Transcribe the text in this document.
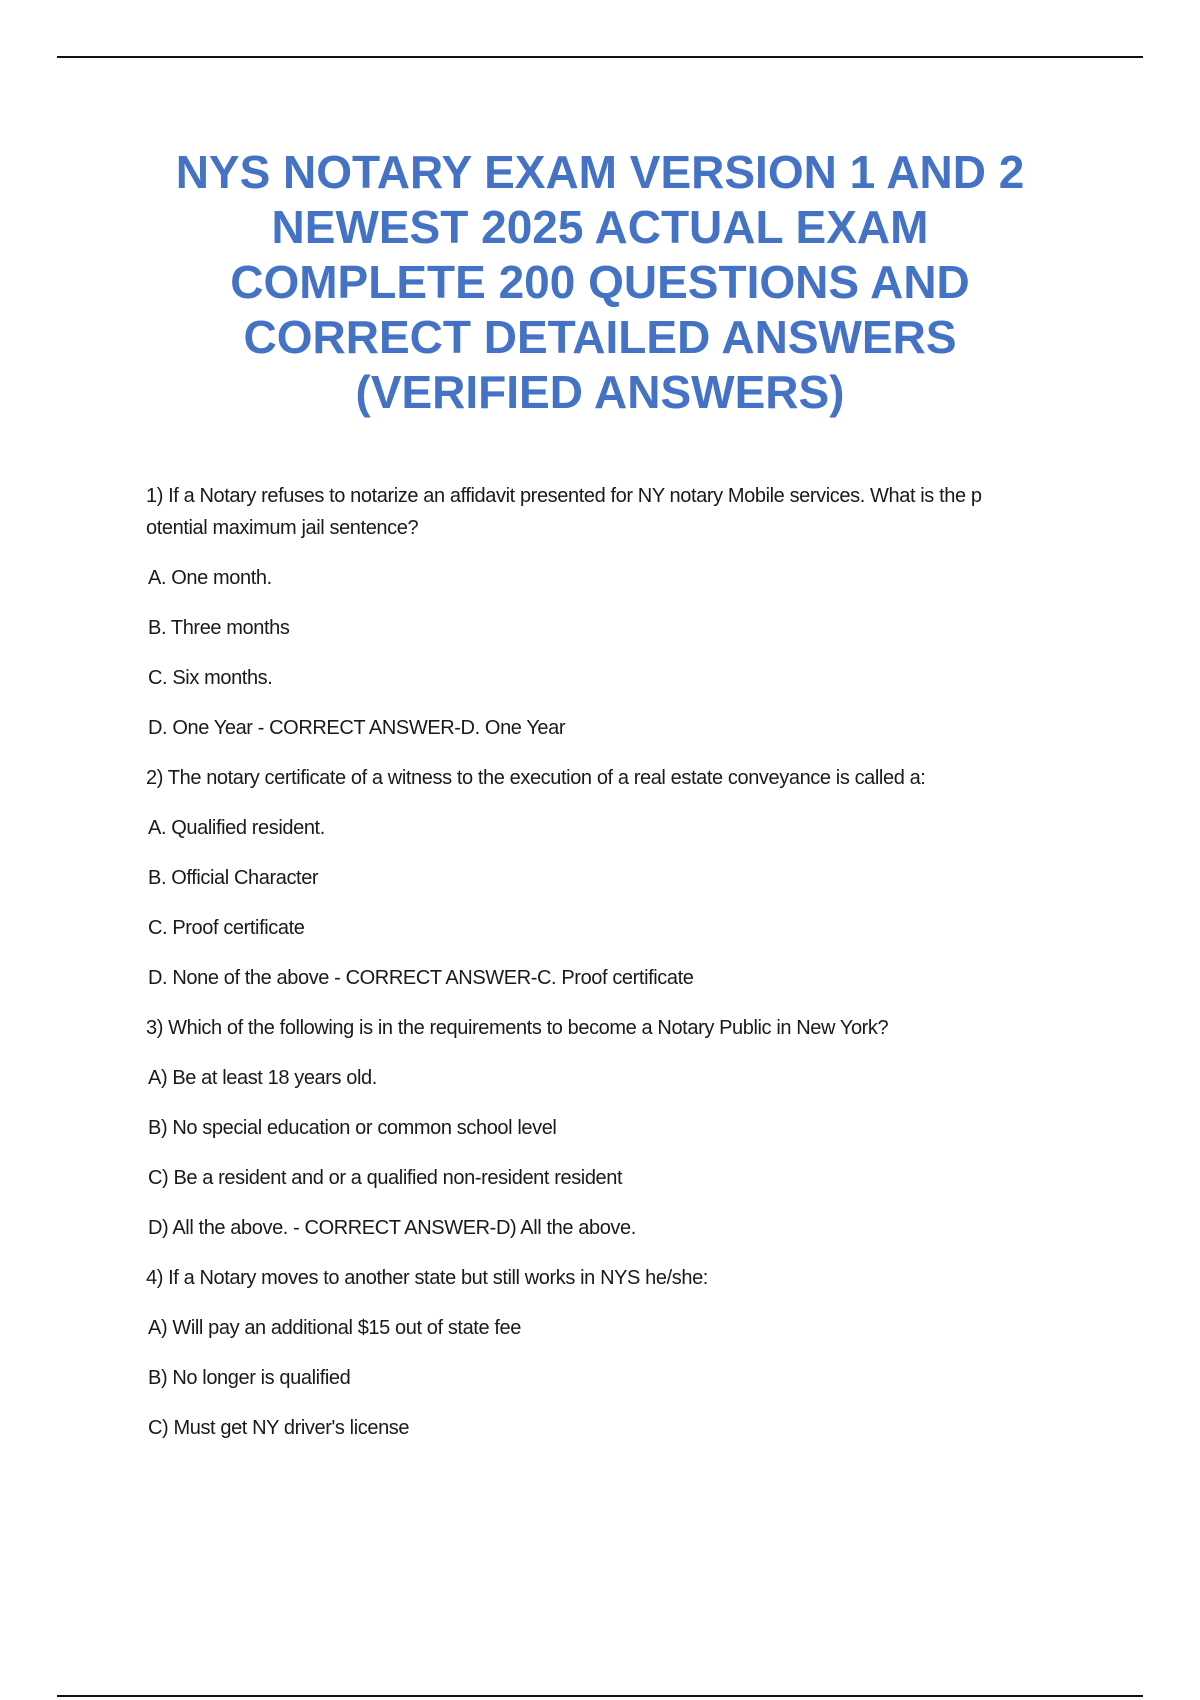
NYS NOTARY EXAM VERSION 1 AND 2
NEWEST 2025 ACTUAL EXAM
COMPLETE 200 QUESTIONS AND
CORRECT DETAILED ANSWERS
(VERIFIED ANSWERS)

1) If a Notary refuses to notarize an affidavit presented for NY notary Mobile services. What is the p
otential maximum jail sentence?

A. One month.

B. Three months

C. Six months.

D. One Year - CORRECT ANSWER-D. One Year

2) The notary certificate of a witness to the execution of a real estate conveyance is called a:

A. Qualified resident.

B. Official Character

C. Proof certificate

D. None of the above - CORRECT ANSWER-C. Proof certificate

3) Which of the following is in the requirements to become a Notary Public in New York?

A) Be at least 18 years old.

B) No special education or common school level

C) Be a resident and or a qualified non-resident resident

D) All the above. - CORRECT ANSWER-D) All the above.

4) If a Notary moves to another state but still works in NYS he/she:

A) Will pay an additional $15 out of state fee

B) No longer is qualified

C) Must get NY driver's license
